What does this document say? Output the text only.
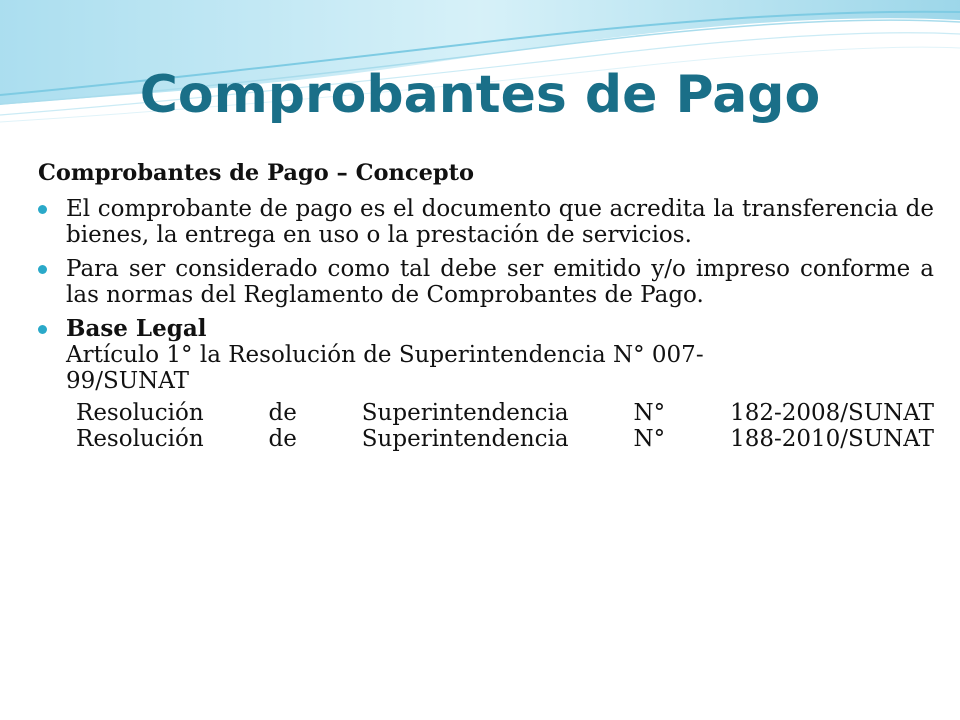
Comprobantes de Pago

Comprobantes de Pago – Concepto

El comprobante de pago es el documento que acredita la transferencia de bienes, la entrega en uso o la prestación de servicios.
Para ser considerado como tal debe ser emitido y/o impreso conforme a las normas del Reglamento de Comprobantes de Pago.
Base Legal
Artículo 1° la Resolución de Superintendencia N° 007-
99/SUNAT
Resolución de Superintendencia N° 182-2008/SUNAT
Resolución de Superintendencia N° 188-2010/SUNAT
